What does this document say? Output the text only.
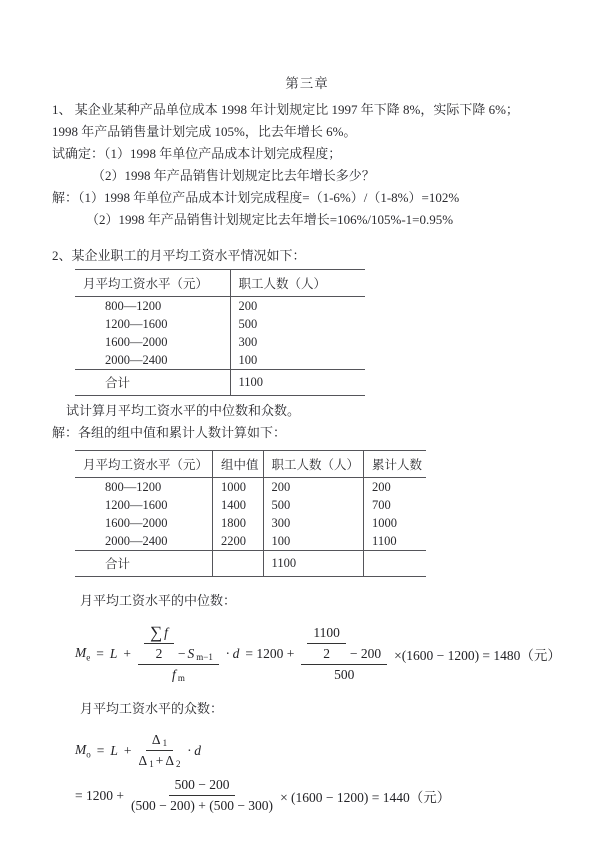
第三章
1、 某企业某种产品单位成本 1998 年计划规定比 1997 年下降 8%，实际下降 6%；
1998 年产品销售量计划完成 105%，比去年增长 6%。
试确定：（1）1998 年单位产品成本计划完成程度；
（2）1998 年产品销售计划规定比去年增长多少？
解：（1）1998 年单位产品成本计划完成程度=（1-6%）/（1-8%）=102%
（2）1998 年产品销售计划规定比去年增长=106%/105%-1=0.95%
2、某企业职工的月平均工资水平情况如下：
月平均工资水平（元）	职工人数（人）
800—1200	200
1200—1600	500
1600—2000	300
2000—2400	100
合计	1100
试计算月平均工资水平的中位数和众数。
解：各组的组中值和累计人数计算如下：
月平均工资水平（元）	组中值	职工人数（人）	累计人数
800—1200	1000	200	200
1200—1600	1400	500	700
1600—2000	1800	300	1000
2000—2400	2200	100	1100
合计		1100	
月平均工资水平的中位数：
$M_e = L + \frac{\frac{\sum f}{2} - S_{m-1}}{f_m} \cdot d = 1200 + \frac{\frac{1100}{2} - 200}{500} \times(1600 - 1200) = 1480$（元）
月平均工资水平的众数：
$M_o = L + \frac{\Delta_1}{\Delta_1 + \Delta_2} \cdot d$
= $1200 + \frac{500 - 200}{(500 - 200) + (500 - 300)} \times (1600 - 1200) = 1440$（元）
